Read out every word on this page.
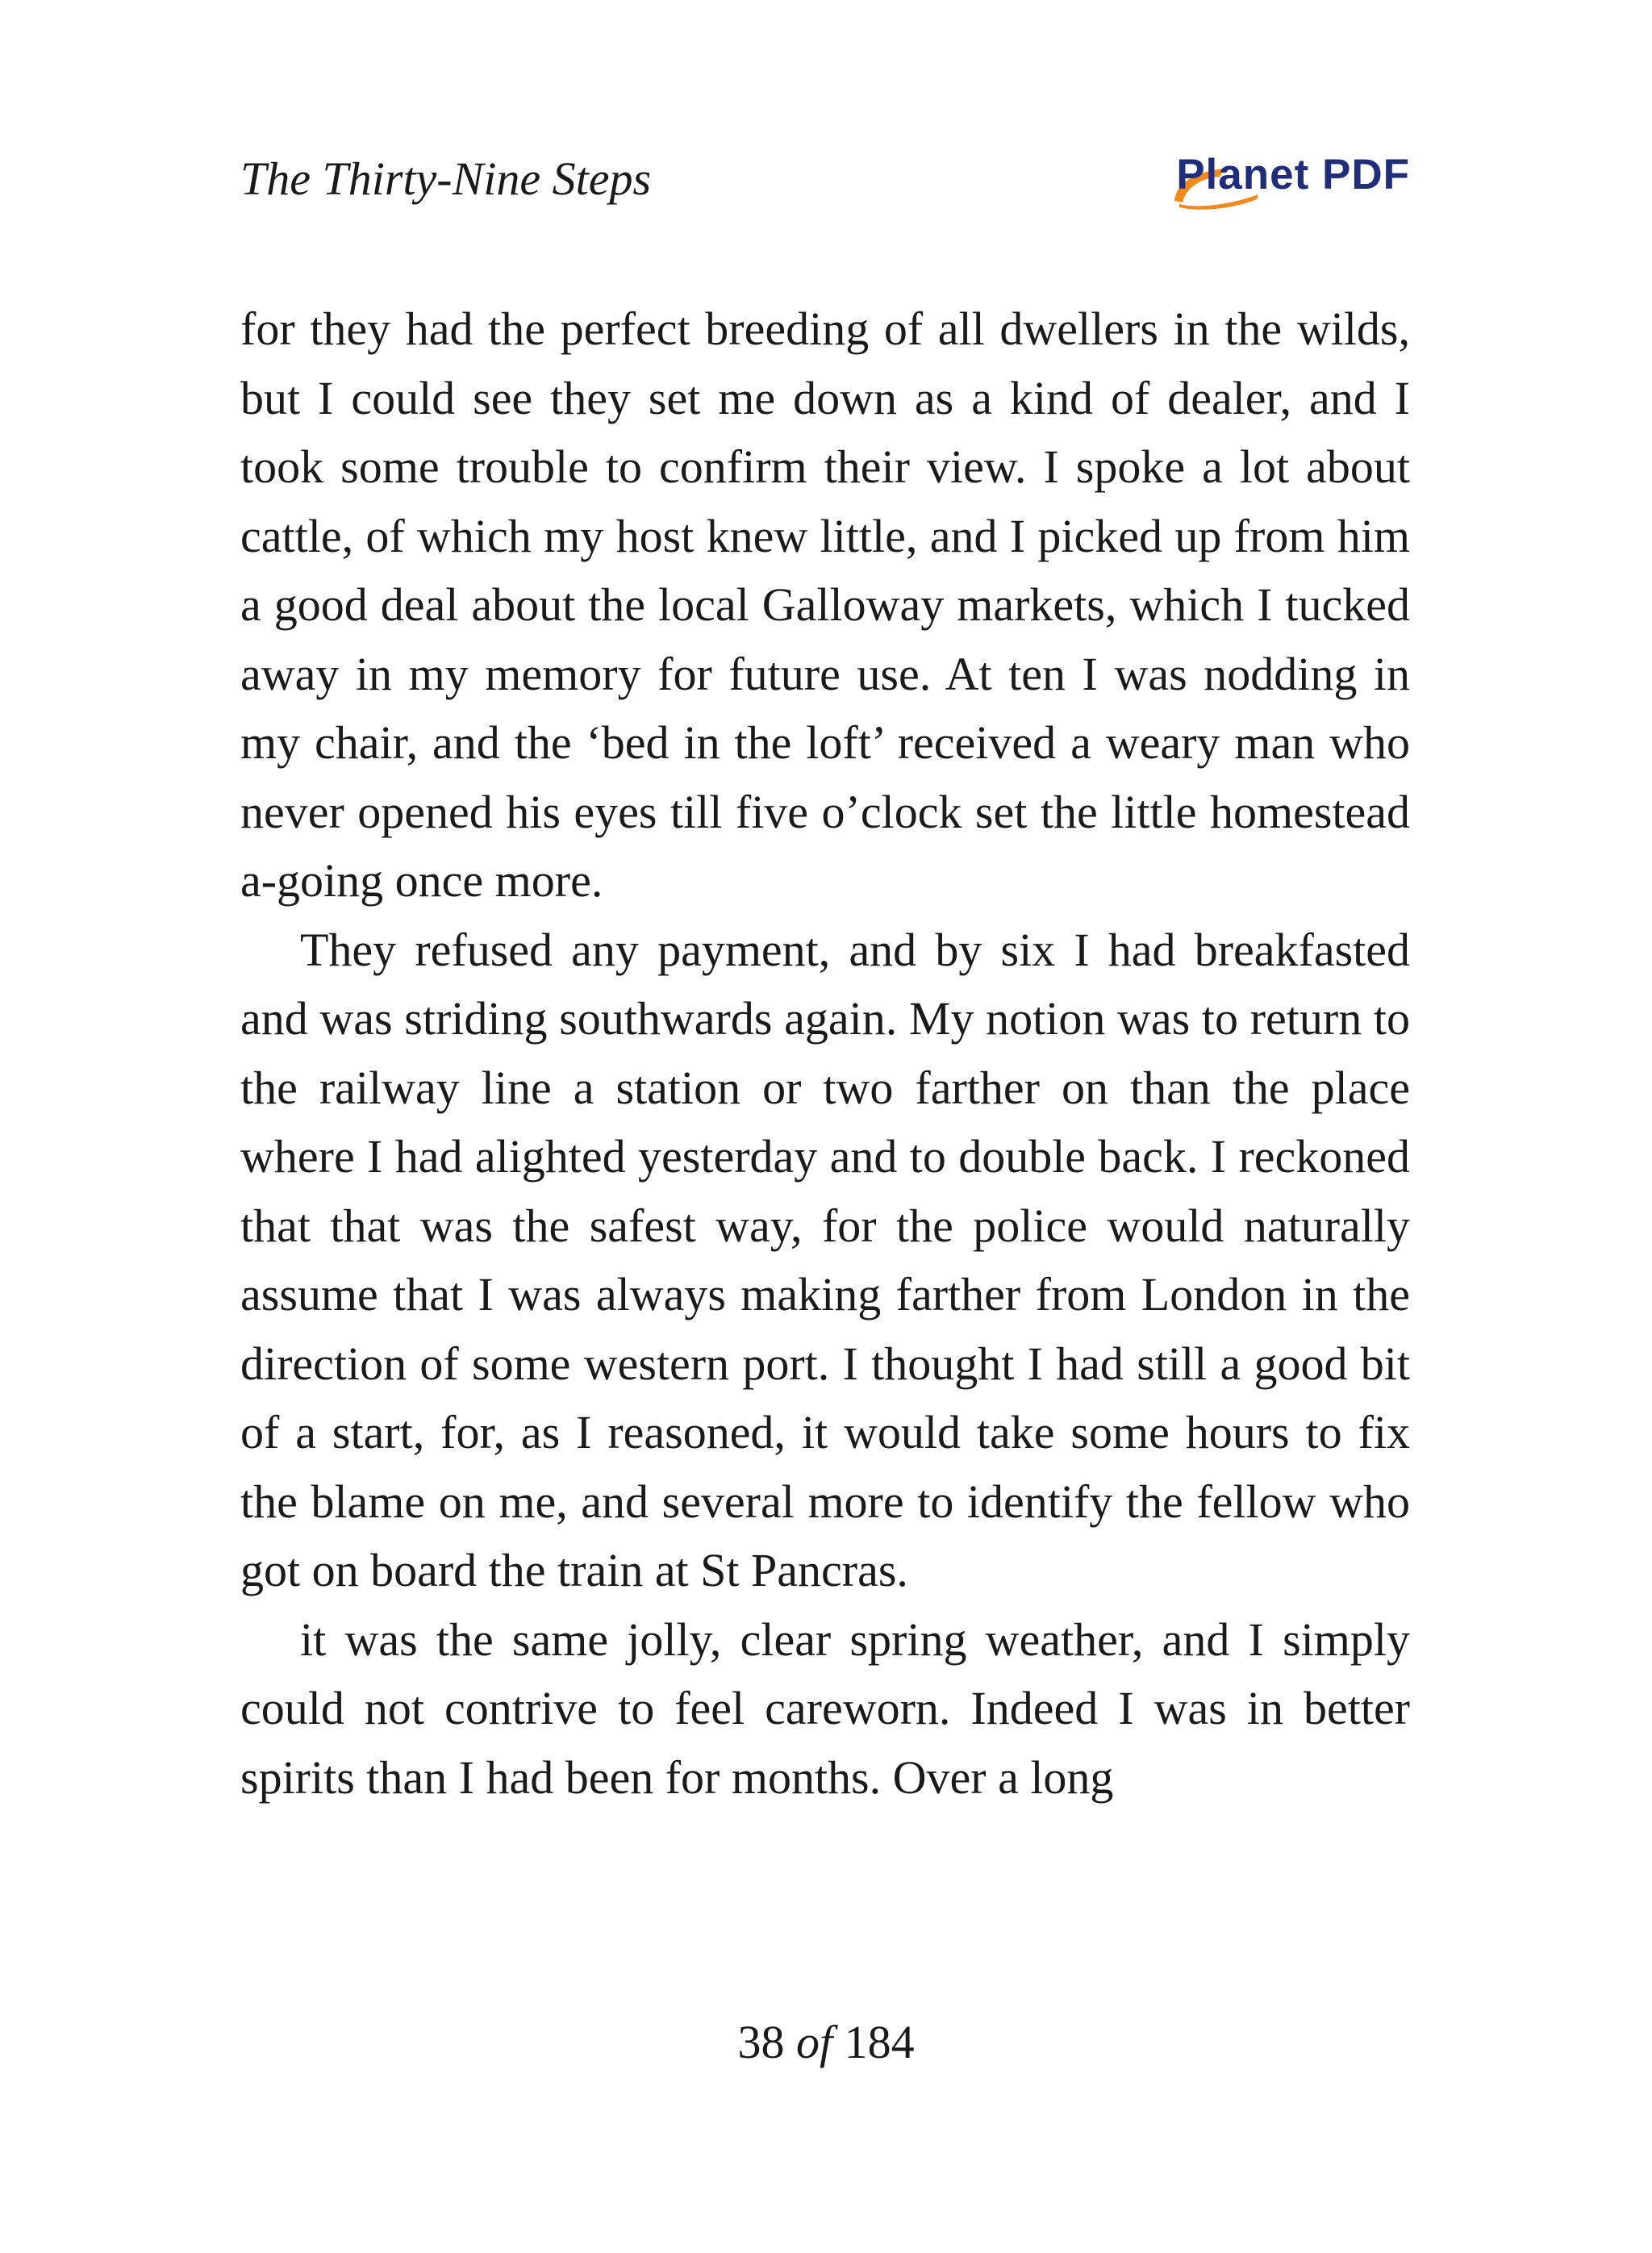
The Thirty-Nine Steps	Planet PDF

for they had the perfect breeding of all dwellers in the wilds, but I could see they set me down as a kind of dealer, and I took some trouble to confirm their view. I spoke a lot about cattle, of which my host knew little, and I picked up from him a good deal about the local Galloway markets, which I tucked away in my memory for future use. At ten I was nodding in my chair, and the ‘bed in the loft’ received a weary man who never opened his eyes till five o’clock set the little homestead a-going once more.

They refused any payment, and by six I had breakfasted and was striding southwards again. My notion was to return to the railway line a station or two farther on than the place where I had alighted yesterday and to double back. I reckoned that that was the safest way, for the police would naturally assume that I was always making farther from London in the direction of some western port. I thought I had still a good bit of a start, for, as I reasoned, it would take some hours to fix the blame on me, and several more to identify the fellow who got on board the train at St Pancras.

it was the same jolly, clear spring weather, and I simply could not contrive to feel careworn. Indeed I was in better spirits than I had been for months. Over a long

38 of 184
